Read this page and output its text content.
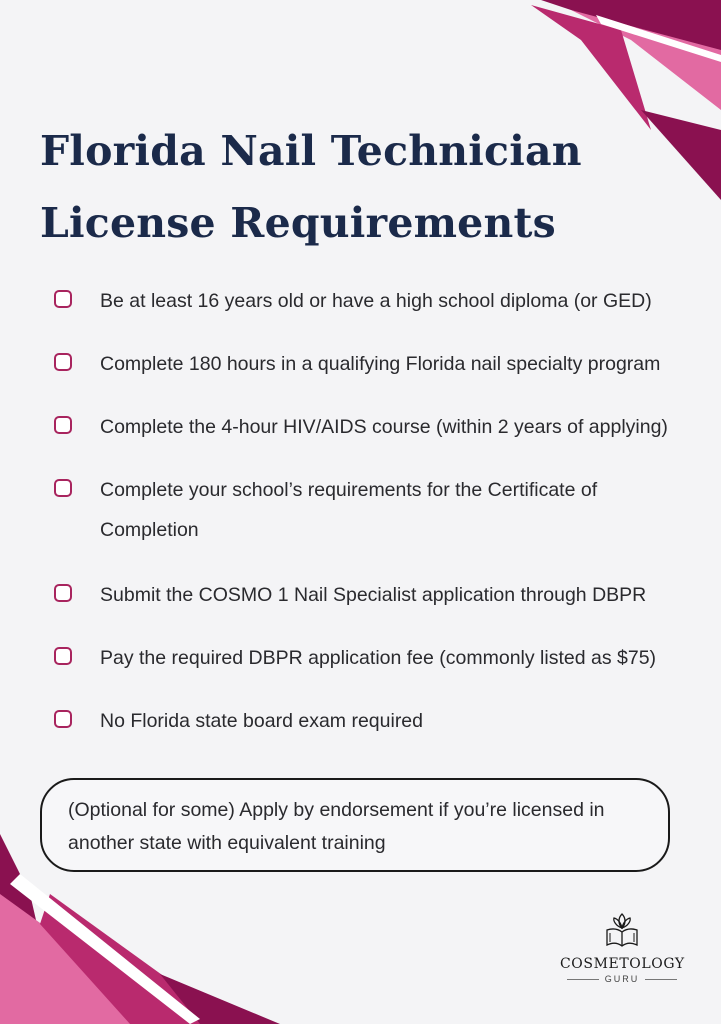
Florida Nail Technician
License Requirements
Be at least 16 years old or have a high school diploma (or GED)
Complete 180 hours in a qualifying Florida nail specialty program
Complete the 4-hour HIV/AIDS course (within 2 years of applying)
Complete your school’s requirements for the Certificate of Completion
Submit the COSMO 1 Nail Specialist application through DBPR
Pay the required DBPR application fee (commonly listed as $75)
No Florida state board exam required
(Optional for some) Apply by endorsement if you’re licensed in another state with equivalent training
COSMETOLOGY
GURU
